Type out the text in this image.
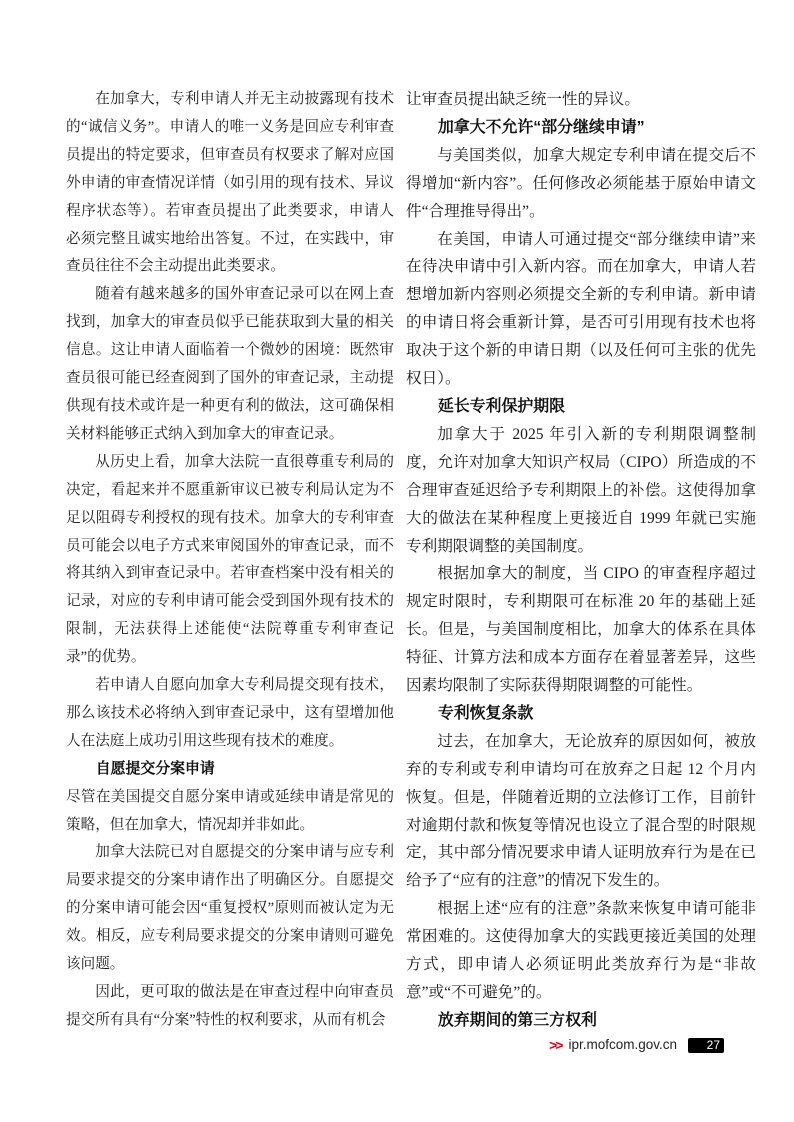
在加拿大，专利申请人并无主动披露现有技术的“诚信义务”。申请人的唯一义务是回应专利审查员提出的特定要求，但审查员有权要求了解对应国外申请的审查情况详情（如引用的现有技术、异议程序状态等）。若审查员提出了此类要求，申请人必须完整且诚实地给出答复。不过，在实践中，审查员往往不会主动提出此类要求。

随着有越来越多的国外审查记录可以在网上查找到，加拿大的审查员似乎已能获取到大量的相关信息。这让申请人面临着一个微妙的困境：既然审查员很可能已经查阅到了国外的审查记录，主动提供现有技术或许是一种更有利的做法，这可确保相关材料能够正式纳入到加拿大的审查记录。

从历史上看，加拿大法院一直很尊重专利局的决定，看起来并不愿重新审议已被专利局认定为不足以阻碍专利授权的现有技术。加拿大的专利审查员可能会以电子方式来审阅国外的审查记录，而不将其纳入到审查记录中。若审查档案中没有相关的记录，对应的专利申请可能会受到国外现有技术的限制，无法获得上述能使“法院尊重专利审查记录”的优势。

若申请人自愿向加拿大专利局提交现有技术，那么该技术必将纳入到审查记录中，这有望增加他人在法庭上成功引用这些现有技术的难度。

自愿提交分案申请

尽管在美国提交自愿分案申请或延续申请是常见的策略，但在加拿大，情况却并非如此。

加拿大法院已对自愿提交的分案申请与应专利局要求提交的分案申请作出了明确区分。自愿提交的分案申请可能会因“重复授权”原则而被认定为无效。相反，应专利局要求提交的分案申请则可避免该问题。

因此，更可取的做法是在审查过程中向审查员提交所有具有“分案”特性的权利要求，从而有机会

让审查员提出缺乏统一性的异议。

加拿大不允许“部分继续申请”

与美国类似，加拿大规定专利申请在提交后不得增加“新内容”。任何修改必须能基于原始申请文件“合理推导得出”。

在美国，申请人可通过提交“部分继续申请”来在待决申请中引入新内容。而在加拿大，申请人若想增加新内容则必须提交全新的专利申请。新申请的申请日将会重新计算，是否可引用现有技术也将取决于这个新的申请日期（以及任何可主张的优先权日）。

延长专利保护期限

加拿大于 2025 年引入新的专利期限调整制度，允许对加拿大知识产权局（CIPO）所造成的不合理审查延迟给予专利期限上的补偿。这使得加拿大的做法在某种程度上更接近自 1999 年就已实施专利期限调整的美国制度。

根据加拿大的制度，当 CIPO 的审查程序超过规定时限时，专利期限可在标准 20 年的基础上延长。但是，与美国制度相比，加拿大的体系在具体特征、计算方法和成本方面存在着显著差异，这些因素均限制了实际获得期限调整的可能性。

专利恢复条款

过去，在加拿大，无论放弃的原因如何，被放弃的专利或专利申请均可在放弃之日起 12 个月内恢复。但是，伴随着近期的立法修订工作，目前针对逾期付款和恢复等情况也设立了混合型的时限规定，其中部分情况要求申请人证明放弃行为是在已给予了“应有的注意”的情况下发生的。

根据上述“应有的注意”条款来恢复申请可能非常困难的。这使得加拿大的实践更接近美国的处理方式，即申请人必须证明此类放弃行为是“非故意”或“不可避免”的。

放弃期间的第三方权利
>> ipr.mofcom.gov.cn 27
